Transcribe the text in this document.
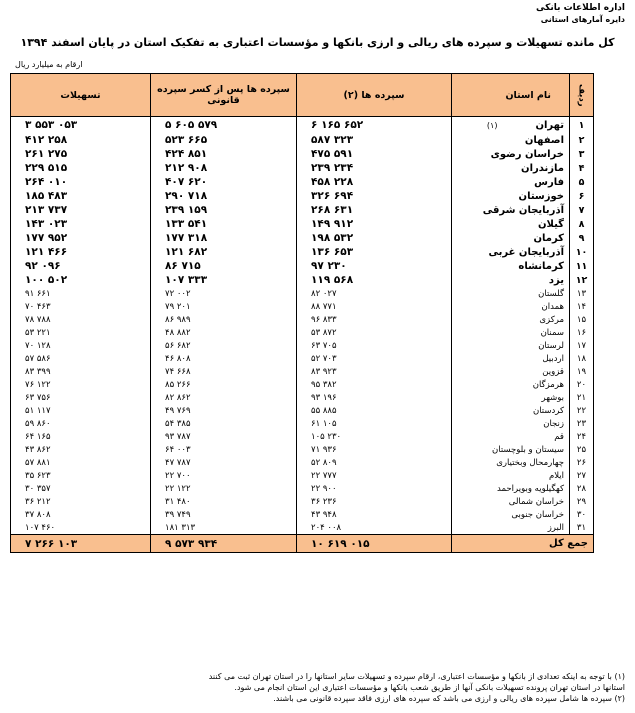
اداره اطلاعات بانکی
دایره آمارهای استانی
کل مانده تسهیلات و سپرده های ریالی و ارزی بانکها و مؤسسات اعتباری به تفکیک استان در پایان اسفند ۱۳۹۴
ارقام به میلیارد ریال
تسهیلات	سپرده ها پس از کسر سپرده قانونی	سپرده ها (۲)	نام استان	ردیف
۳ ۵۵۳ ۰۵۳	۵ ۶۰۵ ۵۷۹	۶ ۱۶۵ ۶۵۲	تهران(۱)	۱
۴۱۲ ۲۵۸	۵۲۳ ۶۶۵	۵۸۷ ۳۲۳	اصفهان	۲
۲۶۱ ۲۷۵	۴۲۴ ۸۵۱	۴۷۵ ۵۹۱	خراسان رضوی	۳
۲۲۹ ۵۱۵	۲۱۲ ۹۰۸	۲۳۹ ۲۳۴	مازندران	۴
۲۶۴ ۰۱۰	۴۰۷ ۶۲۰	۴۵۸ ۲۲۸	فارس	۵
۱۸۵ ۴۸۳	۲۹۰ ۷۱۸	۳۲۶ ۶۹۴	خوزستان	۶
۲۱۳ ۷۳۷	۲۳۹ ۱۵۹	۲۶۸ ۶۳۱	آذربایجان شرقی	۷
۱۴۳ ۰۲۳	۱۳۳ ۵۴۱	۱۴۹ ۹۱۲	گیلان	۸
۱۷۷ ۹۵۲	۱۷۷ ۳۱۸	۱۹۸ ۵۳۲	کرمان	۹
۱۲۱ ۴۶۶	۱۲۱ ۶۸۲	۱۳۶ ۶۵۳	آذربایجان غربی	۱۰
۹۲ ۰۹۶	۸۶ ۷۱۵	۹۷ ۲۳۰	کرمانشاه	۱۱
۱۰۰ ۵۰۲	۱۰۷ ۳۳۳	۱۱۹ ۵۶۸	یزد	۱۲
۹۱ ۶۶۱	۷۲ ۰۰۲	۸۲ ۰۲۷	گلستان	۱۳
۷۰ ۴۶۳	۷۹ ۲۰۱	۸۸ ۷۷۱	همدان	۱۴
۷۸ ۷۸۸	۸۶ ۹۸۹	۹۶ ۸۳۳	مرکزی	۱۵
۵۳ ۲۲۱	۴۸ ۸۸۲	۵۳ ۸۷۲	سمنان	۱۶
۷۰ ۱۲۸	۵۶ ۶۸۲	۶۳ ۷۰۵	لرستان	۱۷
۵۷ ۵۸۶	۴۶ ۸۰۸	۵۲ ۷۰۳	اردبیل	۱۸
۸۳ ۳۹۹	۷۴ ۶۶۸	۸۳ ۹۲۳	قزوین	۱۹
۷۶ ۱۲۲	۸۵ ۲۶۶	۹۵ ۳۸۲	هرمزگان	۲۰
۶۳ ۷۵۶	۸۲ ۸۶۲	۹۳ ۱۹۶	بوشهر	۲۱
۵۱ ۱۱۷	۴۹ ۷۶۹	۵۵ ۸۸۵	کردستان	۲۲
۵۹ ۸۶۰	۵۴ ۳۸۵	۶۱ ۱۰۵	زنجان	۲۳
۶۴ ۱۶۵	۹۳ ۷۸۷	۱۰۵ ۲۳۰	قم	۲۴
۴۳ ۸۶۲	۶۴ ۰۰۳	۷۱ ۹۳۶	سیستان و بلوچستان	۲۵
۵۷ ۸۸۱	۴۷ ۷۸۷	۵۲ ۸۰۹	چهارمحال وبختیاری	۲۶
۳۵ ۶۲۳	۲۲ ۷۰۰	۲۲ ۷۷۷	ایلام	۲۷
۳۰ ۳۵۷	۲۲ ۱۲۲	۲۲ ۹۰۰	کهگیلویه وبویراحمد	۲۸
۳۶ ۲۱۲	۳۱ ۴۸۰	۳۶ ۲۳۶	خراسان شمالی	۲۹
۳۷ ۸۰۸	۳۹ ۷۴۹	۴۳ ۹۴۸	خراسان جنوبی	۳۰
۱۰۷ ۴۶۰	۱۸۱ ۳۱۳	۲۰۴ ۰۰۸	البرز	۳۱
۷ ۲۶۶ ۱۰۳	۹ ۵۷۳ ۹۳۴	۱۰ ۶۱۹ ۰۱۵	جمع کل	
(۱) با توجه به اینکه تعدادی از بانکها و مؤسسات اعتباری، ارقام سپرده و تسهیلات سایر استانها را در استان تهران ثبت می کنند
استانها در استان تهران پرونده تسهیلات بانکی آنها از طریق شعب بانکها و مؤسسات اعتباری این استان انجام می شود.
(۲) سپرده ها شامل سپرده های ریالی و ارزی می باشد که سپرده های ارزی فاقد سپرده قانونی می باشند.
